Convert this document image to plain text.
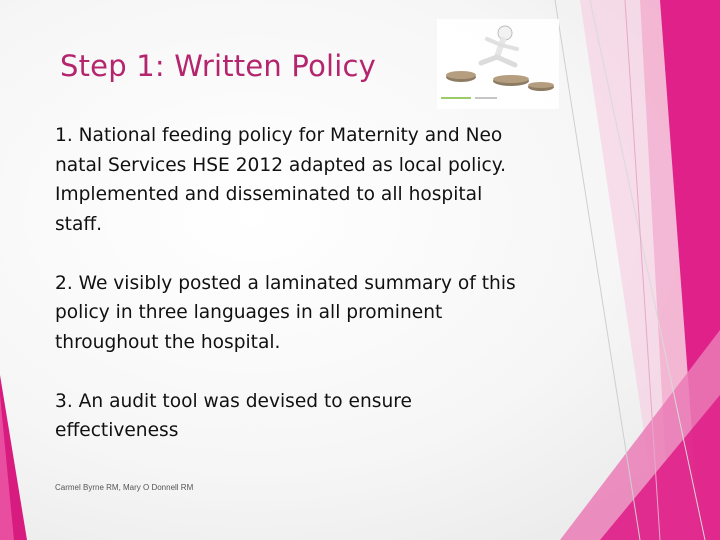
Step 1: Written Policy

1. National feeding policy for Maternity and Neo natal Services HSE 2012 adapted as local policy. Implemented and disseminated to all hospital staff.

2. We visibly posted a laminated summary of this policy in three languages in all prominent throughout the hospital.

3. An audit tool was devised to ensure effectiveness

Carmel Byrne RM, Mary O Donnell RM
